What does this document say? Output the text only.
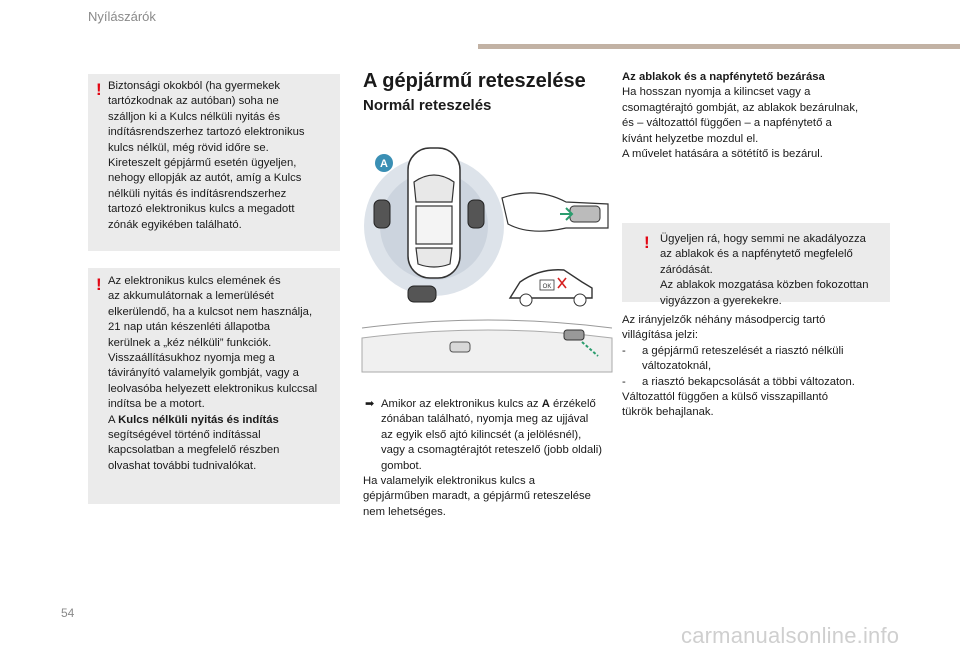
Nyílászárók
! Biztonsági okokból (ha gyermekek

tartózkodnak az autóban) soha ne

szálljon ki a Kulcs nélküli nyitás és

indításrendszerhez tartozó elektronikus

kulcs nélkül, még rövid időre se.

Kireteszelt gépjármű esetén ügyeljen,

nehogy ellopják az autót, amíg a Kulcs

nélküli nyitás és indításrendszerhez

tartozó elektronikus kulcs a megadott

zónák egyikében található.

! Az elektronikus kulcs elemének és

az akkumulátornak a lemerülését

elkerülendő, ha a kulcsot nem használja,

21 nap után készenléti állapotba

kerülnek a „kéz nélküli” funkciók.

Visszaállításukhoz nyomja meg a

távirányító valamelyik gombját, vagy a

leolvasóba helyezett elektronikus kulccsal

indítsa be a motort.

A Kulcs nélküli nyitás és indítás

segítségével történő indítással

kapcsolatban a megfelelő részben

olvashat további tudnivalókat.

A gépjármű reteszelése
Normál reteszelés
A
OK
➡ Amikor az elektronikus kulcs az A érzékelő
zónában található, nyomja meg az ujjával
az egyik első ajtó kilincsét (a jelölésnél),
vagy a csomagtérajtót reteszelő (jobb oldali)
gombot.
Ha valamelyik elektronikus kulcs a
gépjárműben maradt, a gépjármű reteszelése
nem lehetséges.
Az ablakok és a napfénytető bezárása
Ha hosszan nyomja a kilincset vagy a
csomagtérajtó gombját, az ablakok bezárulnak,
és – változattól függően – a napfénytető a
kívánt helyzetbe mozdul el.
A művelet hatására a sötétítő is bezárul.
! Ügyeljen rá, hogy semmi ne akadályozza

az ablakok és a napfénytető megfelelő

záródását.

Az ablakok mozgatása közben fokozottan

vigyázzon a gyerekekre.

Az irányjelzők néhány másodpercig tartó
villágítása jelzi:
- a gépjármű reteszelését a riasztó nélküli
változatoknál,
- a riasztó bekapcsolását a többi változaton.
Változattól függően a külső visszapillantó
tükrök behajlanak.
54
carmanualsonline.info
